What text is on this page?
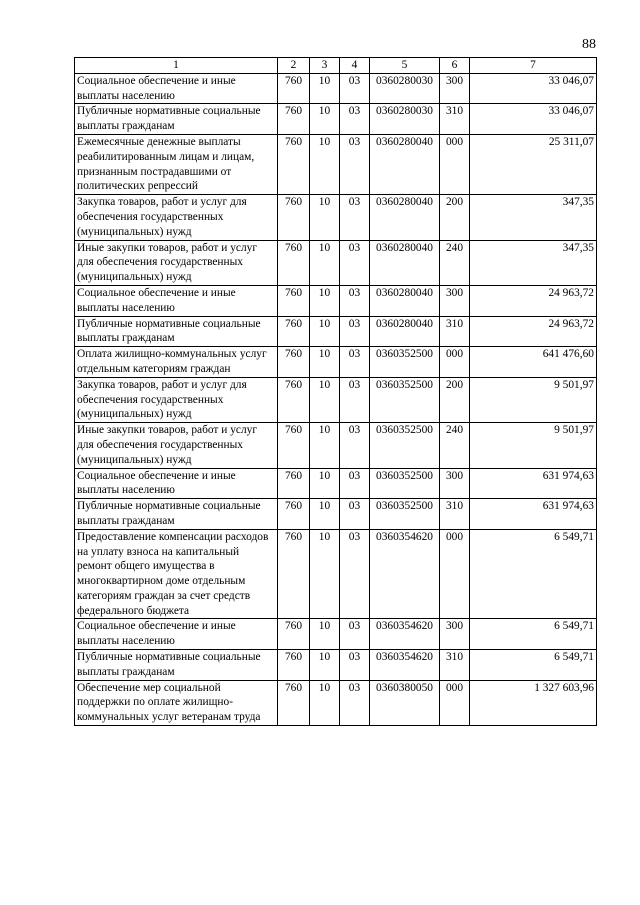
88
1	2	3	4	5	6	7
Социальное обеспечение и иные выплаты населению	760	10	03	0360280030	300	33 046,07
Публичные нормативные социальные выплаты гражданам	760	10	03	0360280030	310	33 046,07
Ежемесячные денежные выплаты реабилитированным лицам и лицам, признанным пострадавшими от политических репрессий	760	10	03	0360280040	000	25 311,07
Закупка товаров, работ и услуг для обеспечения государственных (муниципальных) нужд	760	10	03	0360280040	200	347,35
Иные закупки товаров, работ и услуг для обеспечения государственных (муниципальных) нужд	760	10	03	0360280040	240	347,35
Социальное обеспечение и иные выплаты населению	760	10	03	0360280040	300	24 963,72
Публичные нормативные социальные выплаты гражданам	760	10	03	0360280040	310	24 963,72
Оплата жилищно-коммунальных услуг отдельным категориям граждан	760	10	03	0360352500	000	641 476,60
Закупка товаров, работ и услуг для обеспечения государственных (муниципальных) нужд	760	10	03	0360352500	200	9 501,97
Иные закупки товаров, работ и услуг для обеспечения государственных (муниципальных) нужд	760	10	03	0360352500	240	9 501,97
Социальное обеспечение и иные выплаты населению	760	10	03	0360352500	300	631 974,63
Публичные нормативные социальные выплаты гражданам	760	10	03	0360352500	310	631 974,63
Предоставление компенсации расходов на уплату взноса на капитальный ремонт общего имущества в многоквартирном доме отдельным категориям граждан за счет средств федерального бюджета	760	10	03	0360354620	000	6 549,71
Социальное обеспечение и иные выплаты населению	760	10	03	0360354620	300	6 549,71
Публичные нормативные социальные выплаты гражданам	760	10	03	0360354620	310	6 549,71
Обеспечение мер социальной поддержки по оплате жилищно-коммунальных услуг ветеранам труда	760	10	03	0360380050	000	1 327 603,96
